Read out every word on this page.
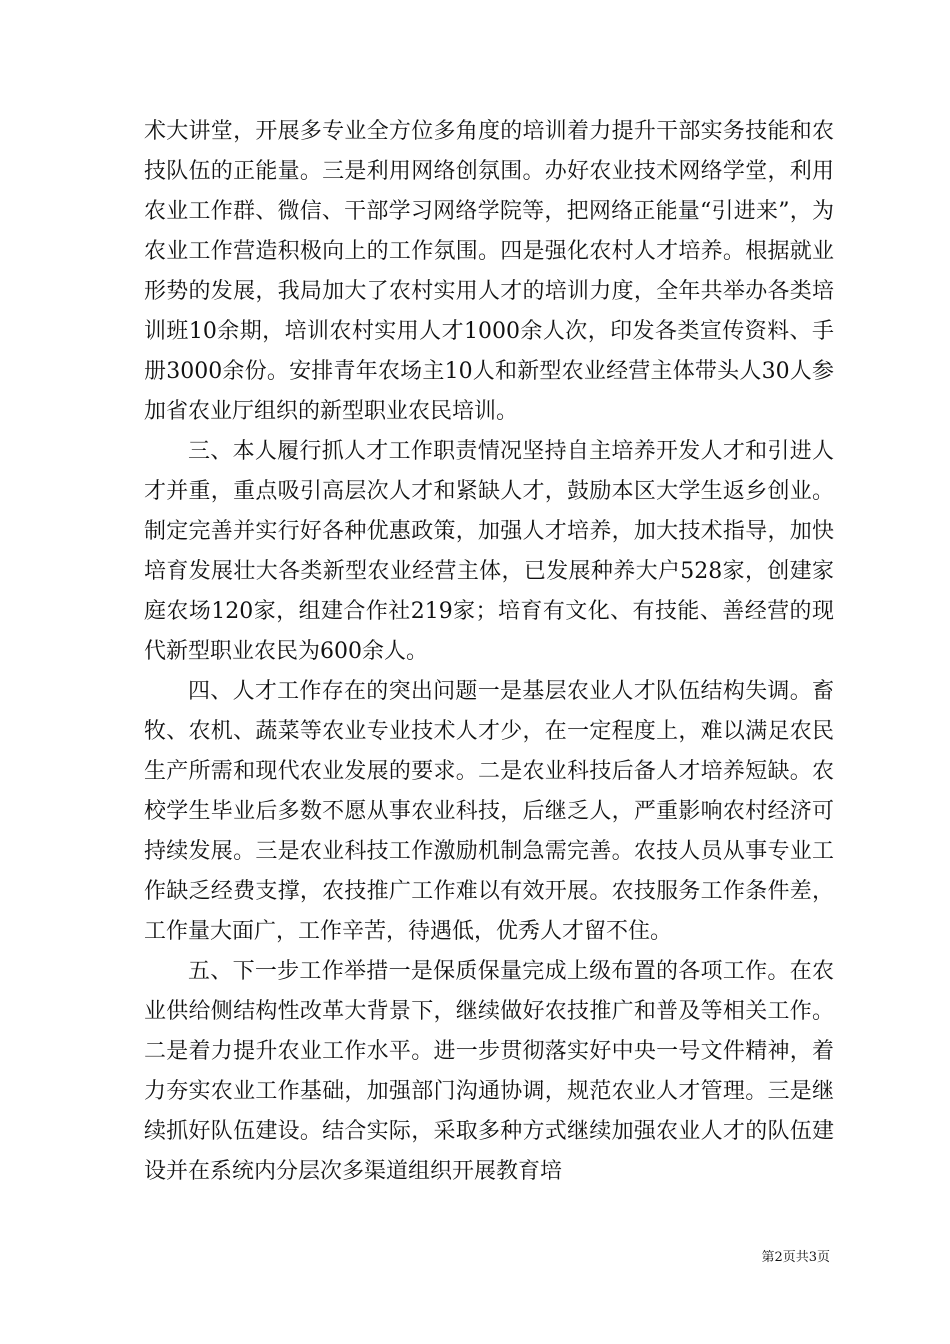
术大讲堂，开展多专业全方位多角度的培训着力提升干部实务技能和农技队伍的正能量。三是利用网络创氛围。办好农业技术网络学堂，利用农业工作群、微信、干部学习网络学院等，把网络正能量“引进来”，为农业工作营造积极向上的工作氛围。四是强化农村人才培养。根据就业形势的发展，我局加大了农村实用人才的培训力度，全年共举办各类培训班10余期，培训农村实用人才1000余人次，印发各类宣传资料、手册3000余份。安排青年农场主10人和新型农业经营主体带头人30人参加省农业厅组织的新型职业农民培训。

三、本人履行抓人才工作职责情况坚持自主培养开发人才和引进人才并重，重点吸引高层次人才和紧缺人才，鼓励本区大学生返乡创业。制定完善并实行好各种优惠政策，加强人才培养，加大技术指导，加快培育发展壮大各类新型农业经营主体，已发展种养大户528家，创建家庭农场120家，组建合作社219家；培育有文化、有技能、善经营的现代新型职业农民为600余人。

四、人才工作存在的突出问题一是基层农业人才队伍结构失调。畜牧、农机、蔬菜等农业专业技术人才少，在一定程度上，难以满足农民生产所需和现代农业发展的要求。二是农业科技后备人才培养短缺。农校学生毕业后多数不愿从事农业科技，后继乏人，严重影响农村经济可持续发展。三是农业科技工作激励机制急需完善。农技人员从事专业工作缺乏经费支撑，农技推广工作难以有效开展。农技服务工作条件差，工作量大面广，工作辛苦，待遇低，优秀人才留不住。

五、下一步工作举措一是保质保量完成上级布置的各项工作。在农业供给侧结构性改革大背景下，继续做好农技推广和普及等相关工作。二是着力提升农业工作水平。进一步贯彻落实好中央一号文件精神，着力夯实农业工作基础，加强部门沟通协调，规范农业人才管理。三是继续抓好队伍建设。结合实际，采取多种方式继续加强农业人才的队伍建设并在系统内分层次多渠道组织开展教育培

第2页共3页
